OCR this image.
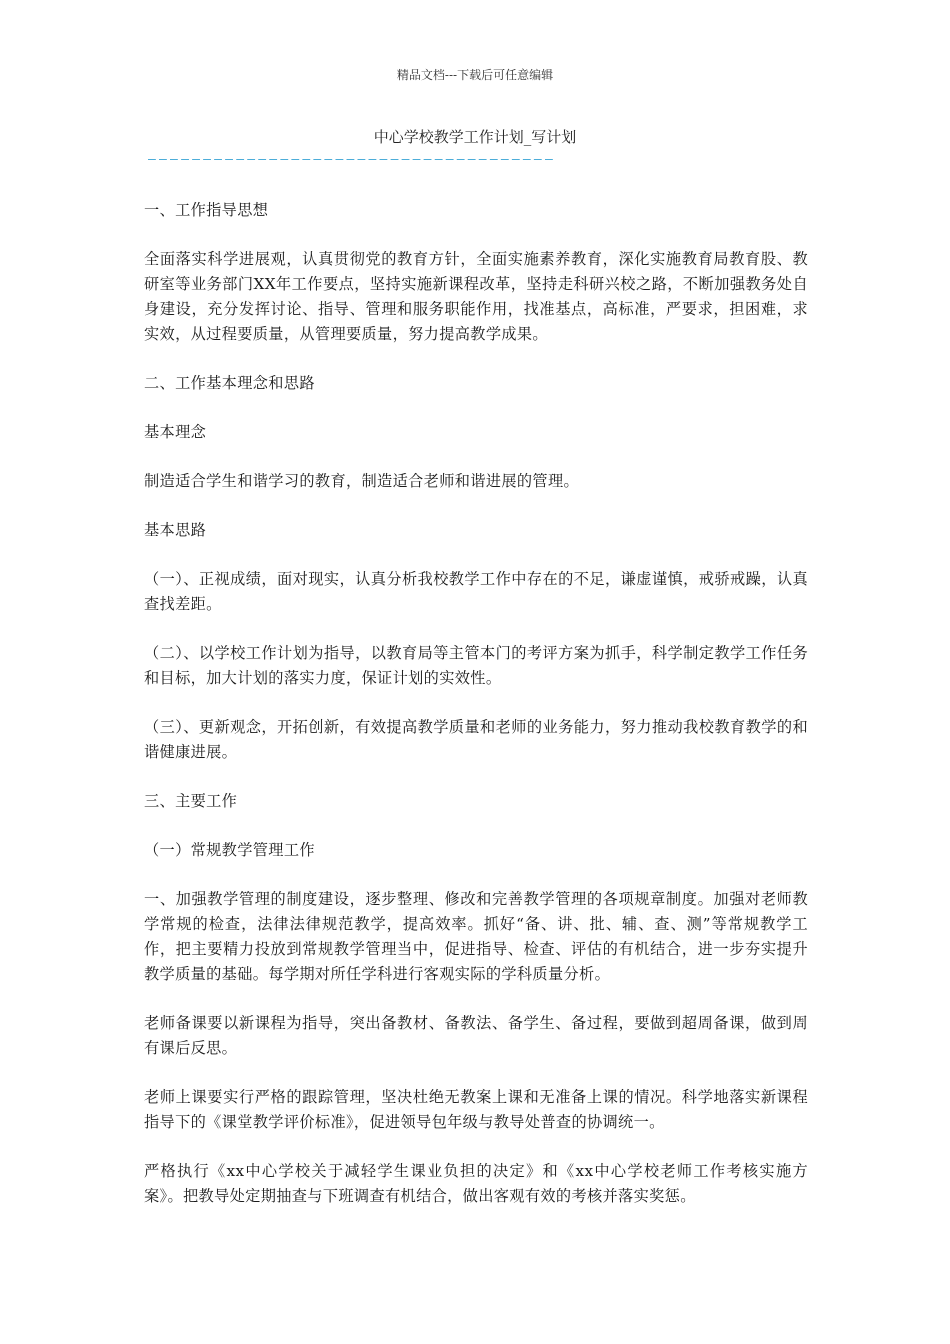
精品文档---下载后可任意编辑
中心学校教学工作计划_写计划
—————————————————————————————————————

一、工作指导思想

全面落实科学进展观，认真贯彻党的教育方针，全面实施素养教育，深化实施教育局教育股、教研室等业务部门XX年工作要点，坚持实施新课程改革，坚持走科研兴校之路，不断加强教务处自身建设，充分发挥讨论、指导、管理和服务职能作用，找准基点，高标准，严要求，担困难，求实效，从过程要质量，从管理要质量，努力提高教学成果。

二、工作基本理念和思路

基本理念

制造适合学生和谐学习的教育，制造适合老师和谐进展的管理。

基本思路

（一）、正视成绩，面对现实，认真分析我校教学工作中存在的不足，谦虚谨慎，戒骄戒躁，认真查找差距。

（二）、以学校工作计划为指导，以教育局等主管本门的考评方案为抓手，科学制定教学工作任务和目标，加大计划的落实力度，保证计划的实效性。

（三）、更新观念，开拓创新，有效提高教学质量和老师的业务能力，努力推动我校教育教学的和谐健康进展。

三、主要工作

（一）常规教学管理工作

一、加强教学管理的制度建设，逐步整理、修改和完善教学管理的各项规章制度。加强对老师教学常规的检查，法律法律规范教学，提高效率。抓好“备、讲、批、辅、查、测”等常规教学工作，把主要精力投放到常规教学管理当中，促进指导、检查、评估的有机结合，进一步夯实提升教学质量的基础。每学期对所任学科进行客观实际的学科质量分析。

老师备课要以新课程为指导，突出备教材、备教法、备学生、备过程，要做到超周备课，做到周有课后反思。

老师上课要实行严格的跟踪管理，坚决杜绝无教案上课和无准备上课的情况。科学地落实新课程指导下的《课堂教学评价标准》，促进领导包年级与教导处普查的协调统一。

严格执行《xx中心学校关于减轻学生课业负担的决定》和《xx中心学校老师工作考核实施方案》。把教导处定期抽查与下班调查有机结合，做出客观有效的考核并落实奖惩。
